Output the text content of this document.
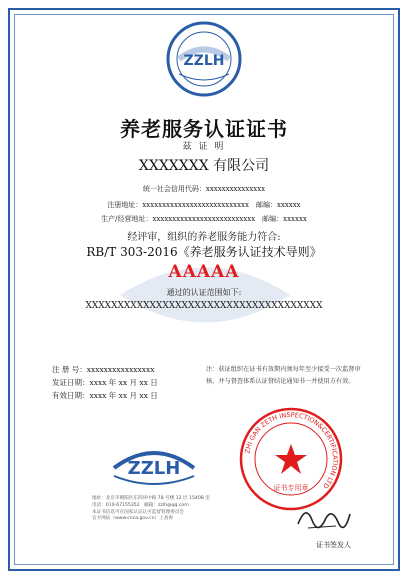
ZZLH
养老服务认证证书
兹 证 明
XXXXXXX 有限公司
统一社会信用代码：xxxxxxxxxxxxxxx
注册地址：xxxxxxxxxxxxxxxxxxxxxxxxxxx　邮编：xxxxxx
生产/经营地址：xxxxxxxxxxxxxxxxxxxxxxxxxx　邮编：xxxxxx
经评审，组织的养老服务能力符合:
RB/T 303-2016《养老服务认证技术导则》
AAAAA
通过的认证范围如下:
XXXXXXXXXXXXXXXXXXXXXXXXXXXXXXXXXXXXX
注 册 号：xxxxxxxxxxxxxxxx
发证日期：xxxx 年 xx 月 xx 日
有效日期：xxxx 年 xx 月 xx 日
注：获证组织在证书有效期内须每年至少接受一次监督审核，并与督查体系认证督结论通知书一并使用方有效。
ZZLH
ZHI GAN ZETH INSPECTION&CERTIFICATION LTD
证书专用章
地址：北京市朝阳区东四环中路 78 号楼 12 层 1540B 室
电话：010-67155352　邮箱：zzlh@qq.com
本证书信息可在国家认证认可监督管理委员会
官方网站（www.cnca.gov.cn）上查询
证书签发人
